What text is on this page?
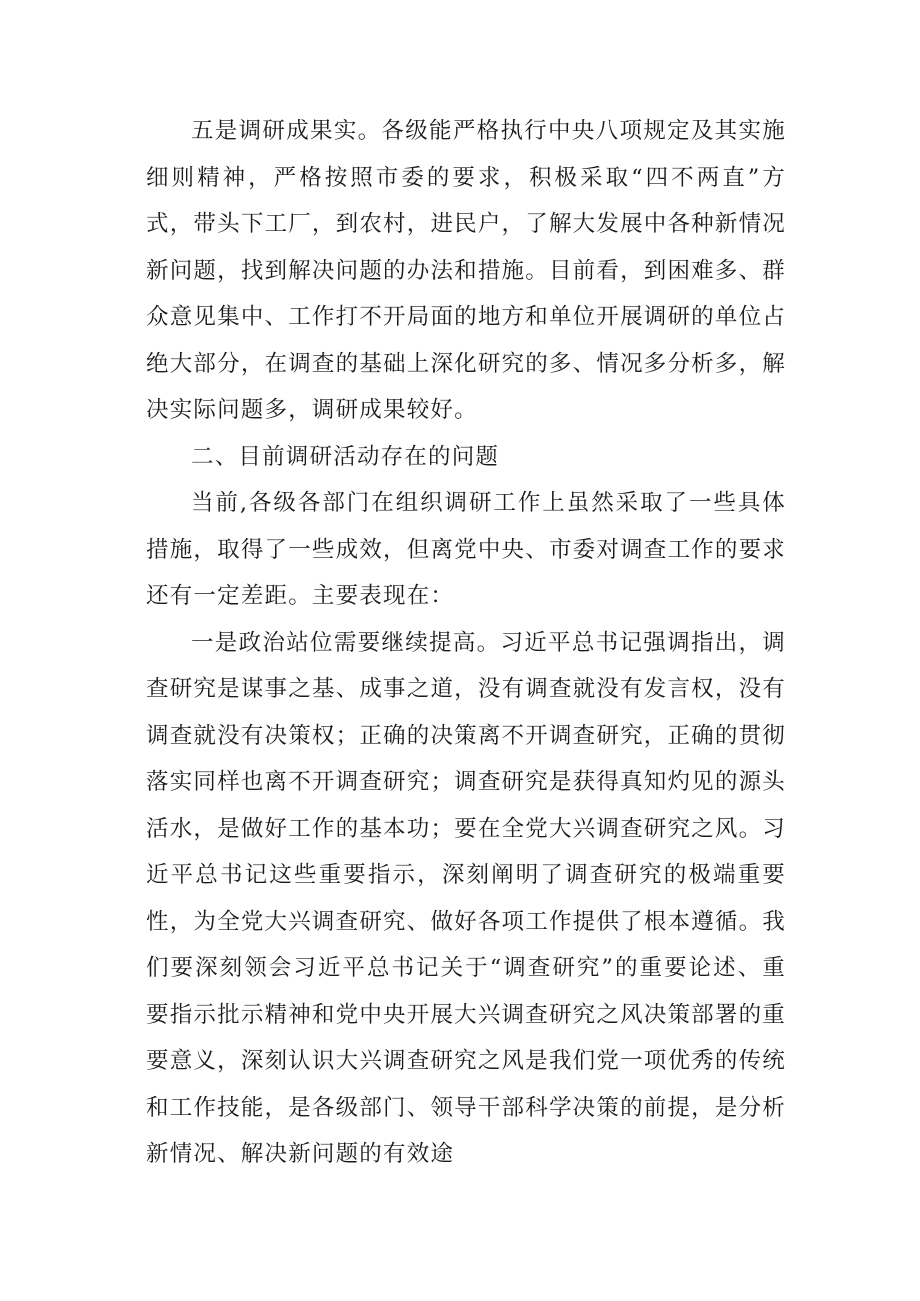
五是调研成果实。各级能严格执行中央八项规定及其实施细则精神，严格按照市委的要求，积极采取“四不两直”方式，带头下工厂，到农村，进民户，了解大发展中各种新情况新问题，找到解决问题的办法和措施。目前看，到困难多、群众意见集中、工作打不开局面的地方和单位开展调研的单位占绝大部分，在调查的基础上深化研究的多、情况多分析多，解决实际问题多，调研成果较好。

二、目前调研活动存在的问题

当前,各级各部门在组织调研工作上虽然采取了一些具体措施，取得了一些成效，但离党中央、市委对调查工作的要求还有一定差距。主要表现在：

一是政治站位需要继续提高。习近平总书记强调指出，调查研究是谋事之基、成事之道，没有调查就没有发言权，没有调查就没有决策权；正确的决策离不开调查研究，正确的贯彻落实同样也离不开调查研究；调查研究是获得真知灼见的源头活水，是做好工作的基本功；要在全党大兴调查研究之风。习近平总书记这些重要指示，深刻阐明了调查研究的极端重要性，为全党大兴调查研究、做好各项工作提供了根本遵循。我们要深刻领会习近平总书记关于“调查研究”的重要论述、重要指示批示精神和党中央开展大兴调查研究之风决策部署的重要意义，深刻认识大兴调查研究之风是我们党一项优秀的传统和工作技能，是各级部门、领导干部科学决策的前提，是分析新情况、解决新问题的有效途
